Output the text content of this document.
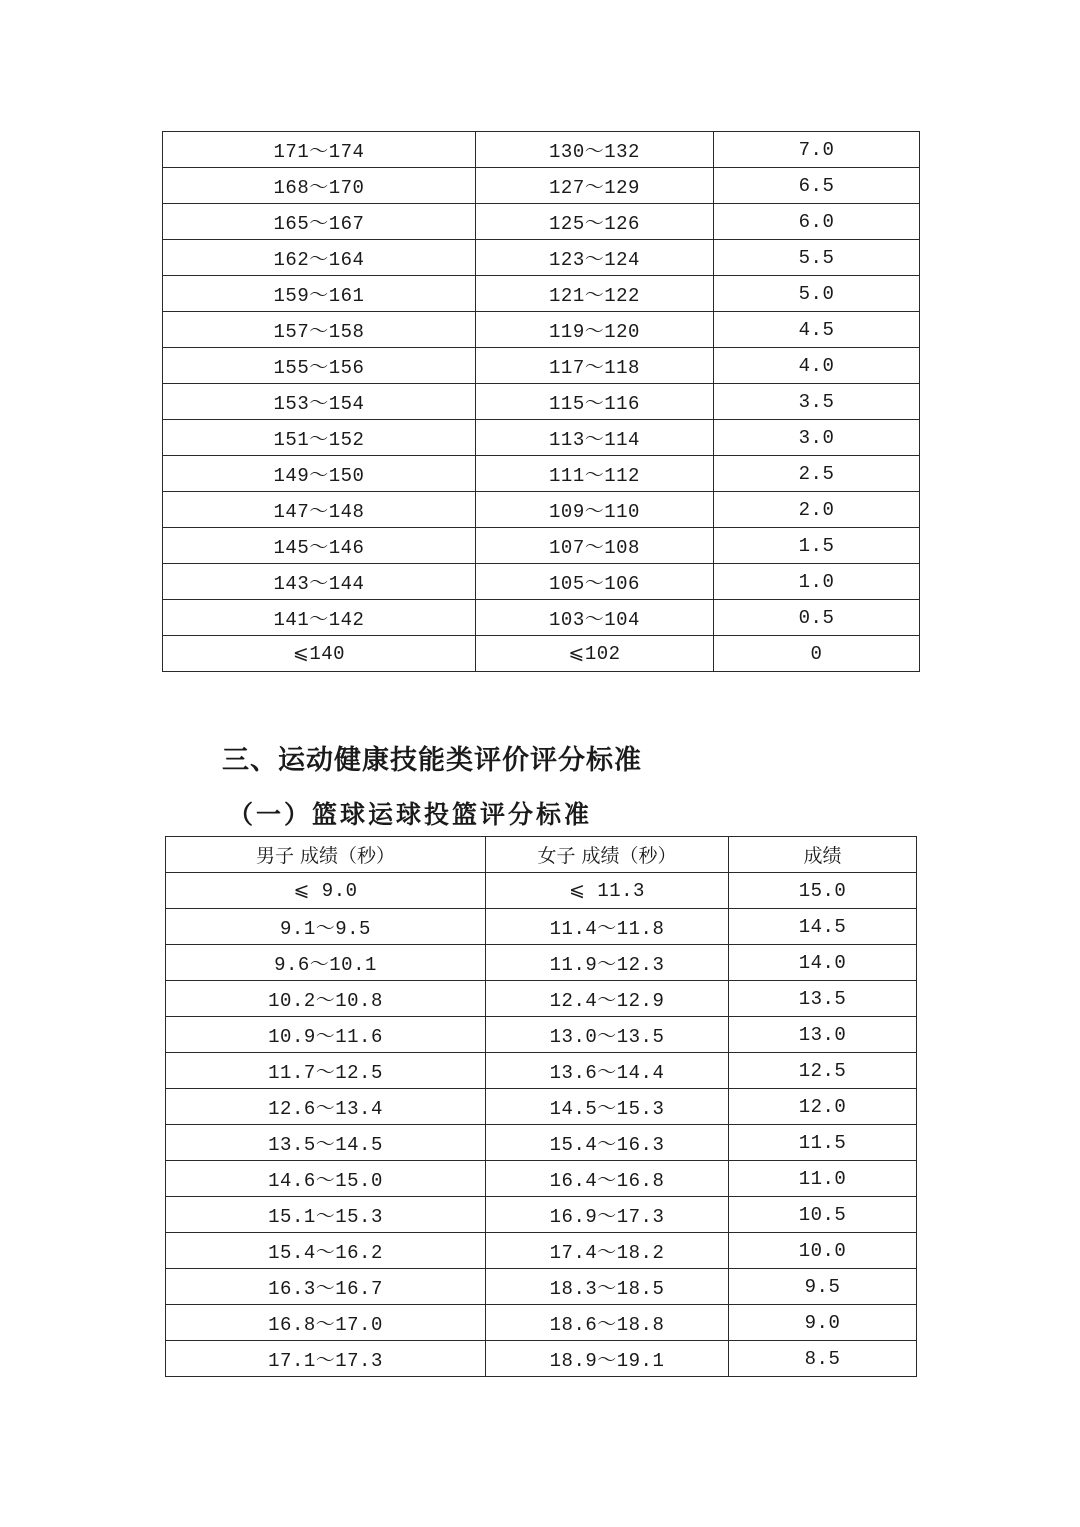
171～174	130～132	7.0
168～170	127～129	6.5
165～167	125～126	6.0
162～164	123～124	5.5
159～161	121～122	5.0
157～158	119～120	4.5
155～156	117～118	4.0
153～154	115～116	3.5
151～152	113～114	3.0
149～150	111～112	2.5
147～148	109～110	2.0
145～146	107～108	1.5
143～144	105～106	1.0
141～142	103～104	0.5
⩽140	⩽102	0
三、运动健康技能类评价评分标准
（一）篮球运球投篮评分标准
男子 成绩（秒）	女子 成绩（秒）	成绩
⩽ 9.0	⩽ 11.3	15.0
9.1～9.5	11.4～11.8	14.5
9.6～10.1	11.9～12.3	14.0
10.2～10.8	12.4～12.9	13.5
10.9～11.6	13.0～13.5	13.0
11.7～12.5	13.6～14.4	12.5
12.6～13.4	14.5～15.3	12.0
13.5～14.5	15.4～16.3	11.5
14.6～15.0	16.4～16.8	11.0
15.1～15.3	16.9～17.3	10.5
15.4～16.2	17.4～18.2	10.0
16.3～16.7	18.3～18.5	9.5
16.8～17.0	18.6～18.8	9.0
17.1～17.3	18.9～19.1	8.5
